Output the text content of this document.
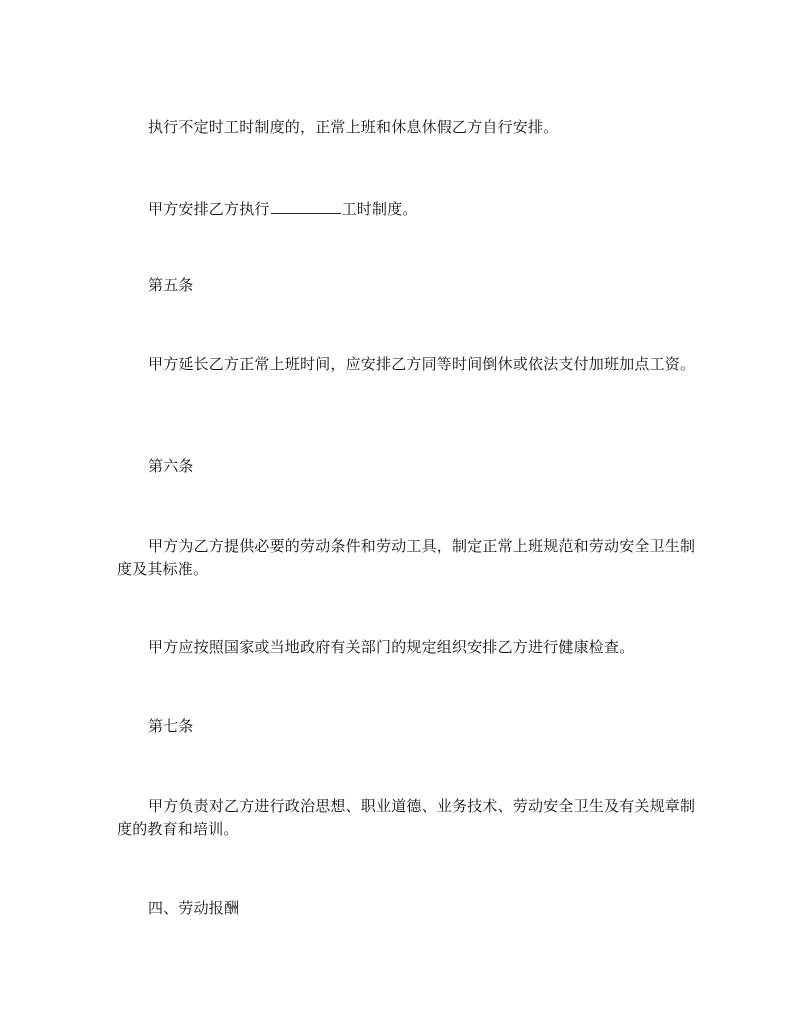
执行不定时工时制度的，正常上班和休息休假乙方自行安排。

甲方安排乙方执行	工时制度。

第五条

甲方延长乙方正常上班时间，应安排乙方同等时间倒休或依法支付加班加点工资。

第六条

甲方为乙方提供必要的劳动条件和劳动工具，制定正常上班规范和劳动安全卫生制度及其标准。

甲方应按照国家或当地政府有关部门的规定组织安排乙方进行健康检查。

第七条

甲方负责对乙方进行政治思想、职业道德、业务技术、劳动安全卫生及有关规章制度的教育和培训。

四、劳动报酬
